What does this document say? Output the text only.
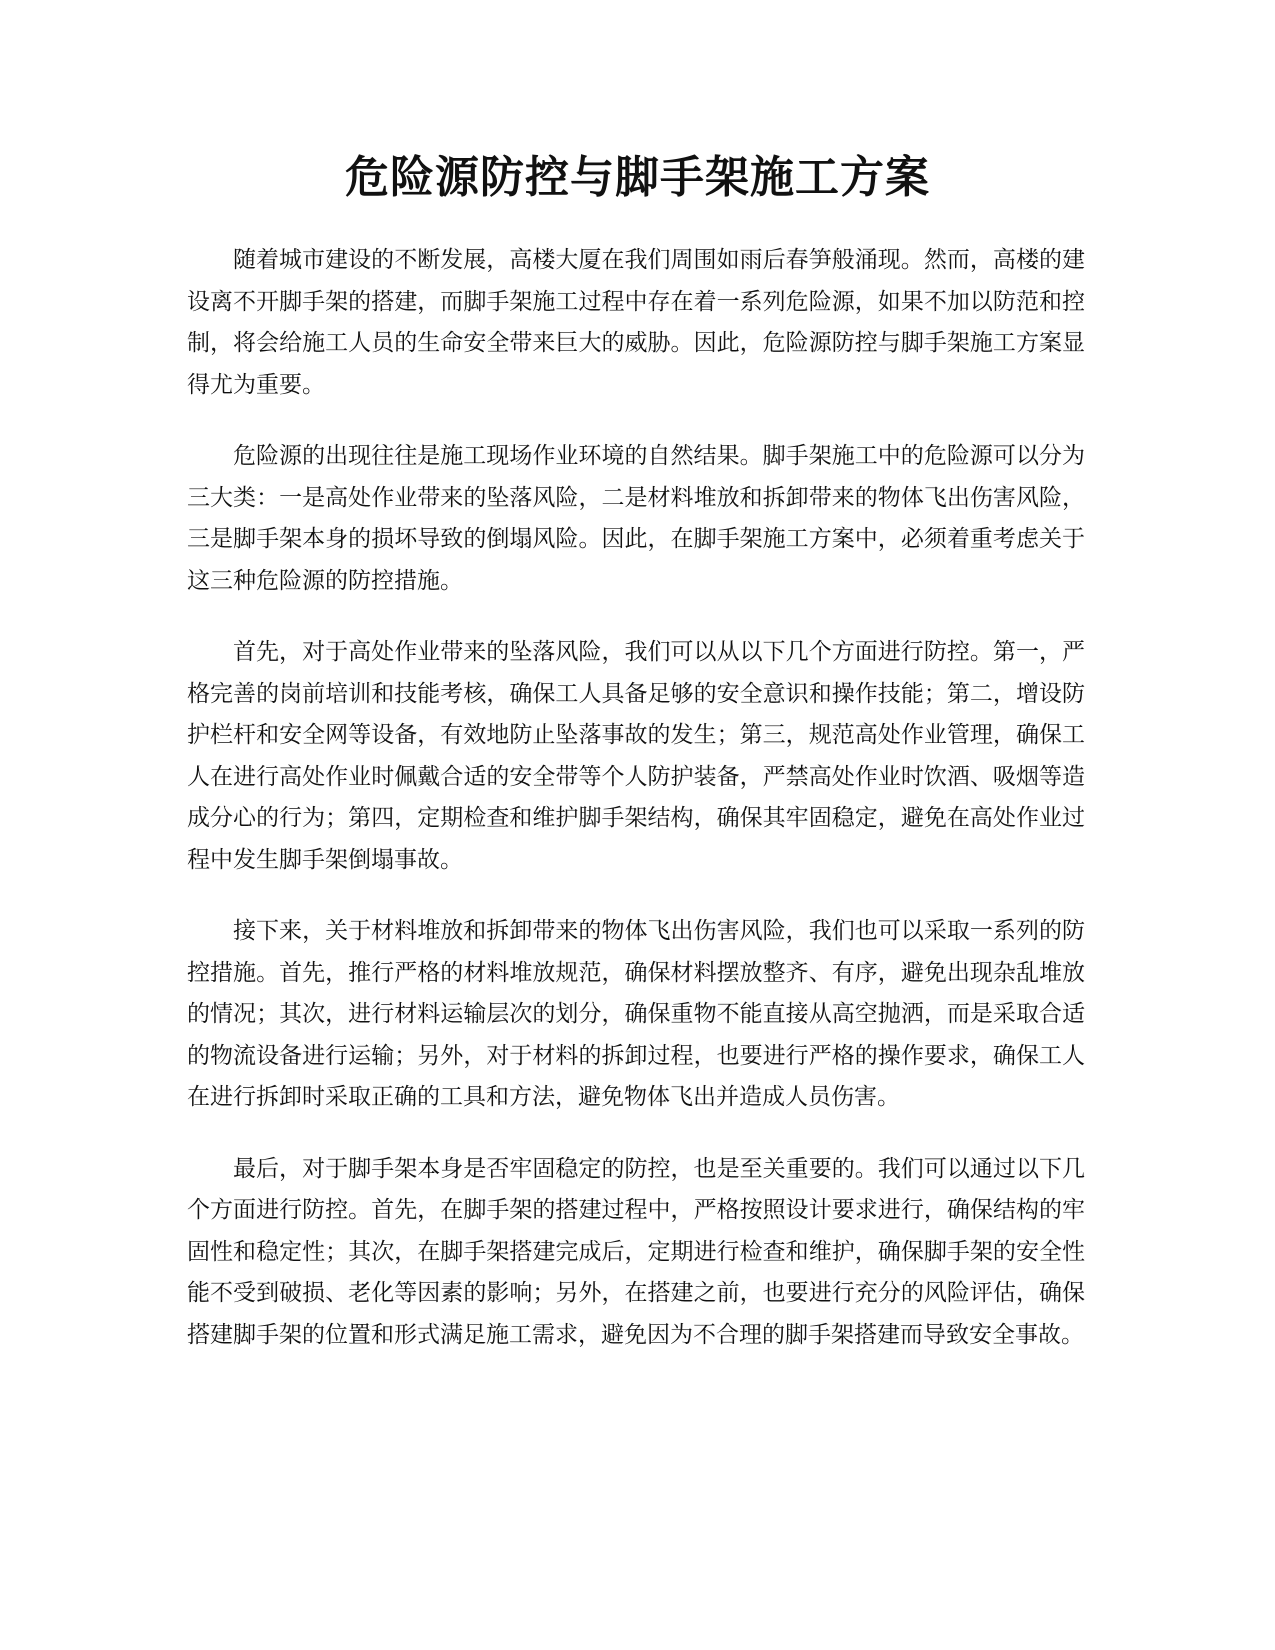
危险源防控与脚手架施工方案

随着城市建设的不断发展，高楼大厦在我们周围如雨后春笋般涌现。然而，高楼的建设离不开脚手架的搭建，而脚手架施工过程中存在着一系列危险源，如果不加以防范和控制，将会给施工人员的生命安全带来巨大的威胁。因此，危险源防控与脚手架施工方案显得尤为重要。

危险源的出现往往是施工现场作业环境的自然结果。脚手架施工中的危险源可以分为三大类：一是高处作业带来的坠落风险，二是材料堆放和拆卸带来的物体飞出伤害风险，三是脚手架本身的损坏导致的倒塌风险。因此，在脚手架施工方案中，必须着重考虑关于这三种危险源的防控措施。

首先，对于高处作业带来的坠落风险，我们可以从以下几个方面进行防控。第一，严格完善的岗前培训和技能考核，确保工人具备足够的安全意识和操作技能；第二，增设防护栏杆和安全网等设备，有效地防止坠落事故的发生；第三，规范高处作业管理，确保工人在进行高处作业时佩戴合适的安全带等个人防护装备，严禁高处作业时饮酒、吸烟等造成分心的行为；第四，定期检查和维护脚手架结构，确保其牢固稳定，避免在高处作业过程中发生脚手架倒塌事故。

接下来，关于材料堆放和拆卸带来的物体飞出伤害风险，我们也可以采取一系列的防控措施。首先，推行严格的材料堆放规范，确保材料摆放整齐、有序，避免出现杂乱堆放的情况；其次，进行材料运输层次的划分，确保重物不能直接从高空抛洒，而是采取合适的物流设备进行运输；另外，对于材料的拆卸过程，也要进行严格的操作要求，确保工人在进行拆卸时采取正确的工具和方法，避免物体飞出并造成人员伤害。

最后，对于脚手架本身是否牢固稳定的防控，也是至关重要的。我们可以通过以下几个方面进行防控。首先，在脚手架的搭建过程中，严格按照设计要求进行，确保结构的牢固性和稳定性；其次，在脚手架搭建完成后，定期进行检查和维护，确保脚手架的安全性能不受到破损、老化等因素的影响；另外，在搭建之前，也要进行充分的风险评估，确保搭建脚手架的位置和形式满足施工需求，避免因为不合理的脚手架搭建而导致安全事故。
